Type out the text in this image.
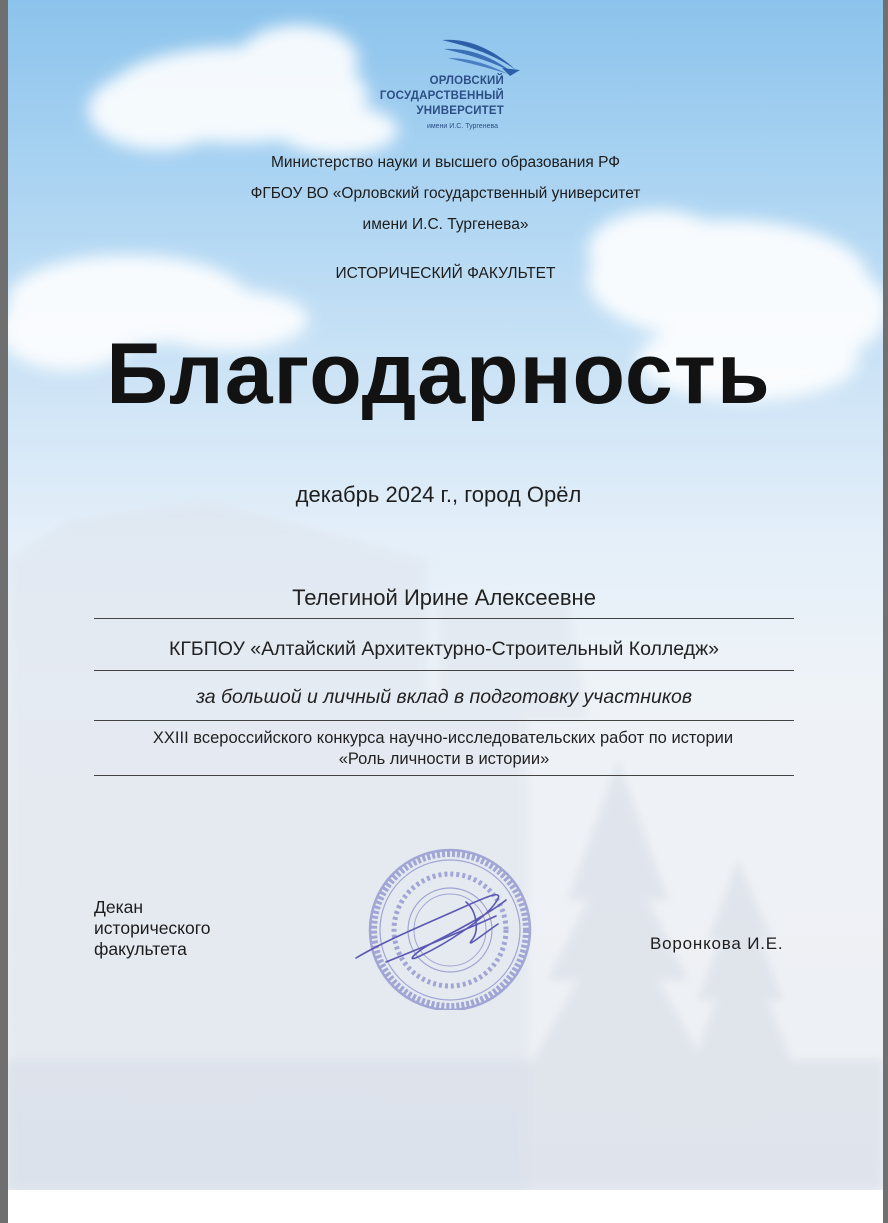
ОРЛОВСКИЙ
ГОСУДАРСТВЕННЫЙ
УНИВЕРСИТЕТ
имени И.С. Тургенева
Министерство науки и высшего образования РФ
ФГБОУ ВО «Орловский государственный университет
имени И.С. Тургенева»
ИСТОРИЧЕСКИЙ ФАКУЛЬТЕТ
Благодарность
декабрь 2024 г., город Орёл
Телегиной Ирине Алексеевне
КГБПОУ «Алтайский Архитектурно-Строительный Колледж»
за большой и личный вклад в подготовку участников
XXIII всероссийского конкурса научно-исследовательских работ по истории
«Роль личности в истории»
Декан
исторического
факультета	Воронкова И.Е.
